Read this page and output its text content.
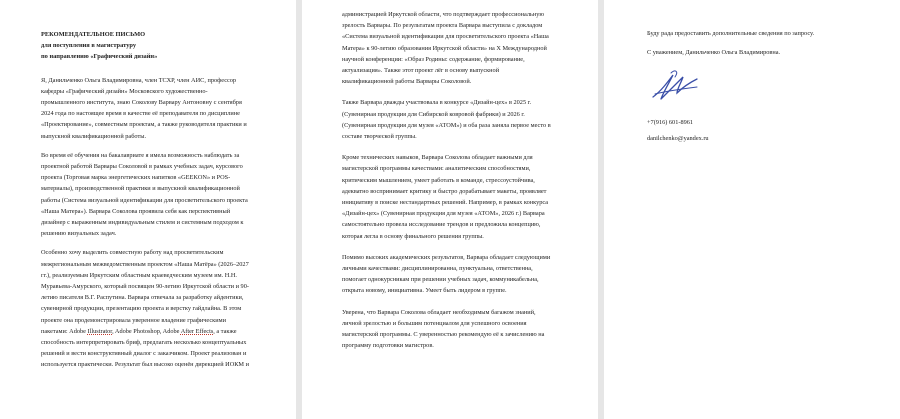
РЕКОМЕНДАТЕЛЬНОЕ ПИСЬМО

для поступления в магистратуру

по направлению «Графический дизайн»

Я, Данильченко Ольга Владимировна, член ТСХР, член АИС, профессор

кафедры «Графический дизайн» Московского художественно-

промышленного института, знаю Соколову Варвару Антоновну с сентября

2024 года по настоящее время в качестве её преподавателя по дисциплине

«Проектирование», совместным проектам, а также руководителя практики и

выпускной квалификационной работы.

Во время её обучения на бакалавриате я имела возможность наблюдать за

проектной работой Варвары Соколовой в рамках учебных задач, курсового

проекта (Торговая марка энергетических напитков «GEEKON» и POS-

материалы), производственной практики и выпускной квалификационной

работы (Система визуальной идентификации для просветительского проекта

«Наша Матера»). Варвара Соколова проявила себя как перспективный

дизайнер с выраженным индивидуальным стилем и системным подходом к

решению визуальных задач.

Особенно хочу выделить совместную работу над просветительским

межрегиональным межведомственным проектом «Наша Матёра» (2026–2027

гг.), реализуемым Иркутским областным краеведческим музеем им. Н.Н.

Муравьева-Амурского, который посвящен 90-летию Иркутской области и 90-

летию писателя В.Г. Распутина. Варвара отвечала за разработку айдентики,

сувенирной продукции, презентацию проекта и верстку гайдлайна. В этом

проекте она продемонстрировала уверенное владение графическими

пакетами: Adobe Illustrator, Adobe Photoshop, Adobe After Effects, а также

способность интерпретировать бриф, предлагать несколько концептуальных

решений и вести конструктивный диалог с заказчиком. Проект реализован и

используется практически. Результат был высоко оценён дирекцией ИОКМ и

администрацией Иркутской области, что подтверждает профессиональную

зрелость Варвары. По результатам проекта Варвара выступила с докладом

«Система визуальной идентификации для просветительского проекта «Наша

Матера» к 90-летию образования Иркутской области» на X Международной

научной конференции: «Образ Родины: содержание, формирование,

актуализация». Также этот проект лёг в основу выпускной

квалификационной работы Варвары Соколовой.

Также Варвара дважды участвовала в конкурсе «Дизайн-цех» в 2025 г.

(Сувенирная продукция для Сибирской ковровой фабрики) и 2026 г.

(Сувенирная продукция для музея «АТОМ») и оба раза заняла первое место в

составе творческой группы.

Кроме технических навыков, Варвара Соколова обладает важными для

магистерской программы качествами: аналитическим способностями,

критическим мышлением, умеет работать в команде, стрессоустойчива,

адекватно воспринимает критику и быстро дорабатывает макеты, проявляет

инициативу в поиске нестандартных решений. Например, в рамках конкурса

«Дизайн-цех» (Сувенирная продукция для музея «АТОМ», 2026 г.) Варвара

самостоятельно провела исследование трендов и предложила концепцию,

которая легла в основу финального решения группы.

Помимо высоких академических результатов, Варвара обладает следующими

личными качествами: дисциплинированна, пунктуальна, ответственна,

помогает однокурсникам при решении учебных задач, коммуникабельна,

открыта новому, инициативна. Умеет быть лидером в группе.

Уверена, что Варвара Соколова обладает необходимым багажом знаний,

личной зрелостью и большим потенциалом для успешного освоения

магистерской программы. С уверенностью рекомендую её к зачислению на

программу подготовки магистров.

Буду рада предоставить дополнительные сведения по запросу.

С уважением, Данильченко Ольга Владимировна.

+7(916) 601-8961

danilchenko@yandex.ru
